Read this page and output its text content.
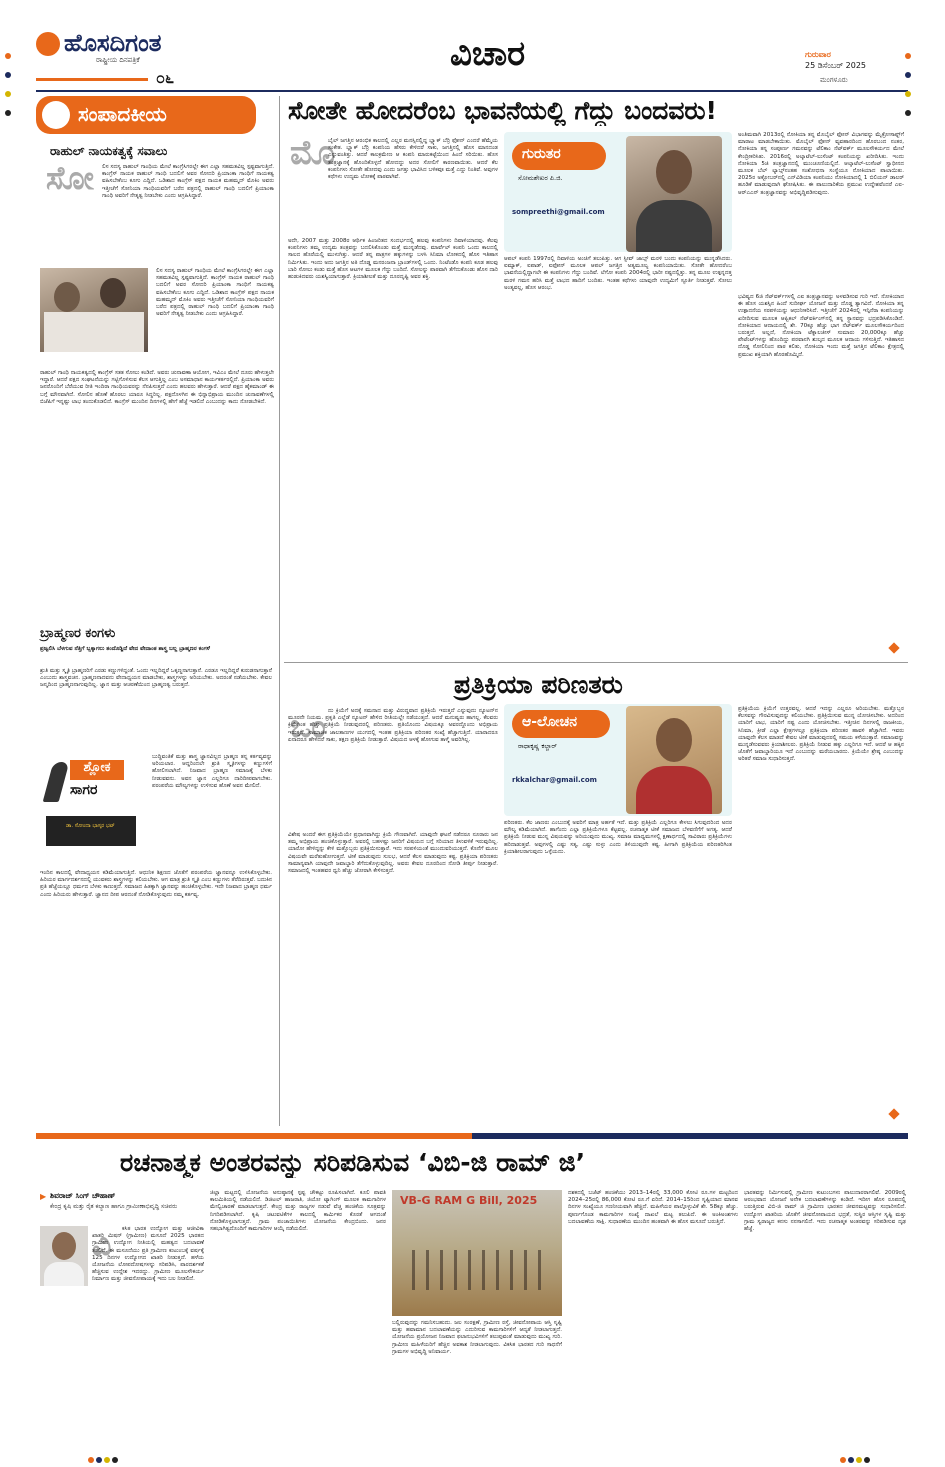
ಹೊಸದಿಗಂತ
ರಾಷ್ಟ್ರೀಯ ದಿನಪತ್ರಿಕೆ
೦೬
ವಿಚಾರ	ಗುರುವಾರ
25 ಡಿಸೆಂಬರ್ 2025
ಮಂಗಳೂರು
ಸಂಪಾದಕೀಯ
ರಾಹುಲ್ ನಾಯಕತ್ವಕ್ಕೆ ಸವಾಲು
ಸೋ ಲಿಸ ಸದಸ್ಯ ರಾಹುಲ್ ಗಾಂಧಿಯ ಮೇಲೆ ಕಾಂಗ್ರೆಸಿಗರಲ್ಲೇ ಈಗ ಎಲ್ಲಾ ಸಹಮತವಿಲ್ಲ ಸ್ಪಷ್ಟವಾಗುತ್ತಿದೆ. ಕಾಂಗ್ರೆಸ್ ನಾಯಕ ರಾಹುಲ್ ಗಾಂಧಿ ಬದಲಿಗೆ ಅವರ ಸೋದರಿ ಪ್ರಿಯಾಂಕಾ ಗಾಂಧಿಗೆ ನಾಯಕತ್ವ ವಹಿಸಬೇಕೆಂಬ ಕೂಗು ಎದ್ದಿದೆ. ಒಡಿಶಾದ ಕಾಂಗ್ರೆಸ್ ಪಕ್ಷದ ನಾಯಕ ಮಹಮ್ಮದ್ ಮೊಕಿಂ ಅವರು ಇತ್ತೀಚೆಗೆ ಸೋನಿಯಾ ಗಾಂಧಿಯವರಿಗೆ ಬರೆದ ಪತ್ರದಲ್ಲಿ ರಾಹುಲ್ ಗಾಂಧಿ ಬದಲಿಗೆ ಪ್ರಿಯಾಂಕಾ ಗಾಂಧಿ ಅವರಿಗೆ ನೇತೃತ್ವ ನೀಡಬೇಕು ಎಂದು ಆಗ್ರಹಿಸಿದ್ದಾರೆ.
ಲಿಸ ಸದಸ್ಯ ರಾಹುಲ್ ಗಾಂಧಿಯ ಮೇಲೆ ಕಾಂಗ್ರೆಸಿಗರಲ್ಲೇ ಈಗ ಎಲ್ಲಾ ಸಹಮತವಿಲ್ಲ ಸ್ಪಷ್ಟವಾಗುತ್ತಿದೆ. ಕಾಂಗ್ರೆಸ್ ನಾಯಕ ರಾಹುಲ್ ಗಾಂಧಿ ಬದಲಿಗೆ ಅವರ ಸೋದರಿ ಪ್ರಿಯಾಂಕಾ ಗಾಂಧಿಗೆ ನಾಯಕತ್ವ ವಹಿಸಬೇಕೆಂಬ ಕೂಗು ಎದ್ದಿದೆ. ಒಡಿಶಾದ ಕಾಂಗ್ರೆಸ್ ಪಕ್ಷದ ನಾಯಕ ಮಹಮ್ಮದ್ ಮೊಕಿಂ ಅವರು ಇತ್ತೀಚೆಗೆ ಸೋನಿಯಾ ಗಾಂಧಿಯವರಿಗೆ ಬರೆದ ಪತ್ರದಲ್ಲಿ ರಾಹುಲ್ ಗಾಂಧಿ ಬದಲಿಗೆ ಪ್ರಿಯಾಂಕಾ ಗಾಂಧಿ ಅವರಿಗೆ ನೇತೃತ್ವ ನೀಡಬೇಕು ಎಂದು ಆಗ್ರಹಿಸಿದ್ದಾರೆ.
ರಾಹುಲ್ ಗಾಂಧಿ ನಾಯಕತ್ವದಲ್ಲಿ ಕಾಂಗ್ರೆಸ್ ಸತತ ಸೋಲು ಕಂಡಿದೆ. ಅವರು ಚುನಾವಣಾ ಆಯೋಗ, ಇವಿಎಂ ಮೇಲೆ ದೂರು ಹೇಳುತ್ತಲೇ ಇದ್ದಾರೆ. ಆದರೆ ಪಕ್ಷದ ಸಂಘಟನೆಯನ್ನು ಗಟ್ಟಿಗೊಳಿಸುವ ಕೆಲಸ ಆಗುತ್ತಿಲ್ಲ ಎಂಬ ಅಸಮಾಧಾನ ಕಾರ್ಯಕರ್ತರಲ್ಲಿದೆ. ಪ್ರಿಯಾಂಕಾ ಅವರು ಜನರೊಂದಿಗೆ ಬೆರೆಯುವ ರೀತಿ ಇಂದಿರಾ ಗಾಂಧಿಯವರನ್ನು ನೆನಪಿಸುತ್ತದೆ ಎಂದು ಹಲವರು ಹೇಳುತ್ತಾರೆ. ಆದರೆ ಪಕ್ಷದ ಹೈಕಮಾಂಡ್ ಈ ಬಗ್ಗೆ ಮೌನವಾಗಿದೆ. ಸೋಲಿನ ಹೊಣೆ ಹೊರಲು ಯಾರೂ ಸಿದ್ಧರಿಲ್ಲ. ಪಕ್ಷದೊಳಗಿನ ಈ ಭಿನ್ನಾಭಿಪ್ರಾಯ ಮುಂದಿನ ಚುನಾವಣೆಗಳಲ್ಲಿ ಬಿಜೆಪಿಗೆ ಇನ್ನಷ್ಟು ಲಾಭ ತಂದುಕೊಡಲಿದೆ. ಕಾಂಗ್ರೆಸ್ ಮುಂದಿನ ದಿನಗಳಲ್ಲಿ ಹೇಗೆ ಹೆಜ್ಜೆ ಇಡಲಿದೆ ಎಂಬುದನ್ನು ಕಾದು ನೋಡಬೇಕಿದೆ.
ಬ್ರಾಹ್ಮಣರ ಕಂಗಳು
ಪ್ರಜ್ವಲಿಸಿ ಬೆಳಗುವ ನೆತ್ತಿಗೆ ಬ್ಬಕ್ಕಾಗಲು ತಂದೊಡ್ಡಿದೆ ವೇದ ವೇದಾಂತ ಶಾಸ್ತ್ರ ಬಲ್ಲ ಬ್ರಾಹ್ಮಣರ ಕಂಗಳೆ
ಶ್ರುತಿ ಮತ್ತು ಸ್ಮೃತಿ ಬ್ರಾಹ್ಮಣರಿಗೆ ಎರಡು ಕಣ್ಣುಗಳಿದ್ದಂತೆ. ಒಂದು ಇಲ್ಲದಿದ್ದರೆ ಒಕ್ಕಣ್ಣನಾಗುತ್ತಾನೆ. ಎರಡೂ ಇಲ್ಲದಿದ್ದರೆ ಕುರುಡನಾಗುತ್ತಾನೆ ಎಂಬುದು ಶಾಸ್ತ್ರವಚನ. ಬ್ರಾಹ್ಮಣನಾದವನು ವೇದಾಧ್ಯಯನ ಮಾಡಬೇಕು, ಶಾಸ್ತ್ರಗಳನ್ನು ಅರಿಯಬೇಕು. ಅದರಂತೆ ನಡೆಯಬೇಕು. ಕೇವಲ ಜನ್ಮದಿಂದ ಬ್ರಾಹ್ಮಣನಾಗುವುದಿಲ್ಲ. ಜ್ಞಾನ ಮತ್ತು ಆಚರಣೆಯಿಂದ ಬ್ರಾಹ್ಮಣತ್ವ ಬರುತ್ತದೆ.
ಶ್ಲೋಕ
ಸಾಗರ
ಡಾ. ಸೋಂದಾ ಭಾಸ್ಕರ ಭಟ್
ಬುದ್ಧಿವಂತಿಕೆ ಮತ್ತು ಶಾಸ್ತ್ರ ಜ್ಞಾನವಿಲ್ಲದ ಬ್ರಾಹ್ಮಣ ತನ್ನ ಕರ್ತವ್ಯವನ್ನು ಅರಿಯಲಾರ. ಆದ್ದರಿಂದಲೇ ಶ್ರುತಿ ಸ್ಮೃತಿಗಳನ್ನು ಕಣ್ಣುಗಳಿಗೆ ಹೋಲಿಸಲಾಗಿದೆ. ನಿಜವಾದ ಬ್ರಾಹ್ಮಣ ಸಮಾಜಕ್ಕೆ ಬೆಳಕು ನೀಡುವವನು. ಅವನ ಜ್ಞಾನ ಎಲ್ಲರಿಗೂ ದಾರಿದೀಪವಾಗಬೇಕು. ಪರಂಪರೆಯ ಮೌಲ್ಯಗಳನ್ನು ಉಳಿಸುವ ಹೊಣೆ ಅವನ ಮೇಲಿದೆ.
ಇಂದಿನ ಕಾಲದಲ್ಲಿ ವೇದಾಧ್ಯಯನ ಕಡಿಮೆಯಾಗುತ್ತಿದೆ. ಆಧುನಿಕ ಶಿಕ್ಷಣದ ಜೊತೆಗೆ ಪರಂಪರೆಯ ಜ್ಞಾನವನ್ನೂ ಉಳಿಸಿಕೊಳ್ಳಬೇಕು. ಹಿರಿಯರ ಮಾರ್ಗದರ್ಶನದಲ್ಲಿ ಯುವಕರು ಶಾಸ್ತ್ರಗಳನ್ನು ಕಲಿಯಬೇಕು. ಆಗ ಮಾತ್ರ ಶ್ರುತಿ ಸ್ಮೃತಿ ಎಂಬ ಕಣ್ಣುಗಳು ತೆರೆದಿರುತ್ತವೆ. ಬದುಕಿನ ಪ್ರತಿ ಹೆಜ್ಜೆಯಲ್ಲೂ ಧರ್ಮದ ಬೆಳಕು ಕಾಣುತ್ತದೆ. ಸಮಾಜದ ಹಿತಕ್ಕಾಗಿ ಜ್ಞಾನವನ್ನು ಹಂಚಿಕೊಳ್ಳಬೇಕು. ಇದೇ ನಿಜವಾದ ಬ್ರಾಹ್ಮಣ ಧರ್ಮ ಎಂದು ಹಿರಿಯರು ಹೇಳುತ್ತಾರೆ. ಜ್ಞಾನದ ದೀಪ ಆರದಂತೆ ನೋಡಿಕೊಳ್ಳುವುದು ನಮ್ಮ ಕರ್ತವ್ಯ.
ಸೋತೇ ಹೋದರೆಂಬ ಭಾವನೆಯಲ್ಲಿ ಗೆದ್ದು ಬಂದವರು!
ಮೊ
ಬೈಲ್ ಜಗತ್ತಿನ ಆರಂಭಿಕ ಕಾಲದಲ್ಲಿ ಎಲ್ಲರ ಮನಸ್ಸಿನಲ್ಲಿದ್ದ ಬ್ಲ್ಯಾಕ್ ಬೆರ್ರಿ ಫೋನ್ ಎಂದರೆ ಹೆಮ್ಮೆಯ ಸಂಕೇತ. ಬ್ಲ್ಯಾಕ್ ಬೆರ್ರಿ ಕಂಪನಿಯ ಹೆಸರು ಕೇಳಿದರೆ ಸಾಕು, ಜಗತ್ತಿನಲ್ಲಿ ಹೊಸ ಮಾನದಂಡ ಎನ್ನುವಂತಿತ್ತು. ಆದರೆ ಕಾಲಕ್ರಮೇಣ ಆ ಕಂಪನಿ ಮಾರುಕಟ್ಟೆಯಿಂದ ಹಿಂದೆ ಸರಿಯಿತು. ಹೊಸ ತಂತ್ರಜ್ಞಾನಕ್ಕೆ ಹೊಂದಿಕೊಳ್ಳದೆ ಹೋದದ್ದು ಅದರ ಸೋಲಿಗೆ ಕಾರಣವಾಯಿತು. ಆದರೆ ಕೆಲ ಕಂಪನಿಗಳು ಸೋತೇ ಹೋದವು ಎಂದು ಜಗತ್ತು ಭಾವಿಸಿದ ಬಳಿಕವೂ ಮತ್ತೆ ಎದ್ದು ನಿಂತಿವೆ. ಅವುಗಳ ಕಥೆಗಳು ಉದ್ಯಮ ಲೋಕಕ್ಕೆ ಪಾಠವಾಗಿವೆ.
ಅದೇ, 2007 ಮತ್ತು 2008ರ ಆರ್ಥಿಕ ಹಿಂಜರಿತದ ಸಂದರ್ಭದಲ್ಲಿ ಹಲವು ಕಂಪನಿಗಳು ದಿವಾಳಿಯಾದವು. ಕೆಲವು ಕಂಪನಿಗಳು ತಮ್ಮ ಉದ್ಯಮ ತಂತ್ರವನ್ನು ಬದಲಿಸಿಕೊಂಡು ಮತ್ತೆ ಮುನ್ನಡೆದವು. ಮಾರ್ವೆಲ್ ಕಂಪನಿ ಒಂದು ಕಾಲದಲ್ಲಿ ಸಾಲದ ಹೊರೆಯಲ್ಲಿ ಮುಳುಗಿತ್ತು. ಆದರೆ ತನ್ನ ಪಾತ್ರಗಳ ಹಕ್ಕುಗಳನ್ನು ಬಳಸಿ ಸಿನಿಮಾ ಲೋಕದಲ್ಲಿ ಹೊಸ ಇತಿಹಾಸ ನಿರ್ಮಿಸಿತು. ಇಂದು ಅದು ಜಗತ್ತಿನ ಅತಿ ದೊಡ್ಡ ಮನರಂಜನಾ ಬ್ರಾಂಡ್‌ಗಳಲ್ಲಿ ಒಂದು. ನಿಂಟೆಂಡೊ ಕಂಪನಿ ಕೂಡ ಹಲವು ಬಾರಿ ಸೋಲು ಕಂಡು ಮತ್ತೆ ಹೊಸ ಆಟಗಳ ಮೂಲಕ ಗೆದ್ದು ಬಂದಿದೆ. ಸೋಲನ್ನು ಪಾಠವಾಗಿ ತೆಗೆದುಕೊಂಡು ಹೊಸ ದಾರಿ ಹುಡುಕಿದವರು ಯಶಸ್ವಿಯಾಗುತ್ತಾರೆ. ಕ್ರಿಯಾಶೀಲತೆ ಮತ್ತು ದೂರದೃಷ್ಟಿ ಅವರ ಶಕ್ತಿ.
ಗುರುತರ
ಸೋಮಶೇಖರ ಪಿ.ಜಿ.
sompreethi@gmail.com
ಆಪಲ್ ಕಂಪನಿ 1997ರಲ್ಲಿ ದಿವಾಳಿಯ ಅಂಚಿಗೆ ತಲುಪಿತ್ತು. ಆಗ ಸ್ಟೀವ್ ಜಾಬ್ಸ್ ಮರಳಿ ಬಂದು ಕಂಪನಿಯನ್ನು ಮುನ್ನಡೆಸಿದರು. ಐಮ್ಯಾಕ್, ಐಪಾಡ್, ಐಫೋನ್ ಮೂಲಕ ಆಪಲ್ ಜಗತ್ತಿನ ಅತ್ಯಮೂಲ್ಯ ಕಂಪನಿಯಾಯಿತು. ಸೋತೇ ಹೋದರೆಂಬ ಭಾವನೆಯಲ್ಲಿದ್ದಾಗಲೇ ಈ ಕಂಪನಿಗಳು ಗೆದ್ದು ಬಂದಿವೆ. ಲೆಗೋ ಕಂಪನಿ 2004ರಲ್ಲಿ ಭಾರೀ ನಷ್ಟದಲ್ಲಿತ್ತು. ತನ್ನ ಮೂಲ ಉತ್ಪನ್ನದತ್ತ ಮರಳಿ ಗಮನ ಹರಿಸಿ ಮತ್ತೆ ಲಾಭದ ಹಾದಿಗೆ ಬಂದಿತು. ಇಂತಹ ಕಥೆಗಳು ಯಾವುದೇ ಉದ್ಯಮಿಗೆ ಸ್ಫೂರ್ತಿ ನೀಡುತ್ತವೆ. ಸೋಲು ಅಂತ್ಯವಲ್ಲ, ಹೊಸ ಆರಂಭ.
ಅಂತಿಮವಾಗಿ 2013ರಲ್ಲಿ ನೋಕಿಯಾ ತನ್ನ ಮೊಬೈಲ್ ಫೋನ್ ವಿಭಾಗವನ್ನು ಮೈಕ್ರೋಸಾಫ್ಟ್‌ಗೆ ಮಾರಾಟ ಮಾಡಬೇಕಾಯಿತು. ಮೊಬೈಲ್ ಫೋನ್ ವ್ಯವಹಾರದಿಂದ ಹೊರಬಂದ ನಂತರ, ನೋಕಿಯಾ ತನ್ನ ಸಂಪೂರ್ಣ ಗಮನವನ್ನು ಟೆಲಿಕಾಂ ನೆಟ್‌ವರ್ಕ್ ಮೂಲಸೌಕರ್ಯದ ಮೇಲೆ ಕೇಂದ್ರೀಕರಿಸಿತು. 2016ರಲ್ಲಿ ಅಲ್ಕಾಟೆಲ್-ಲುಸೆಂಟ್ ಕಂಪನಿಯನ್ನು ಖರೀದಿಸಿತು. ಇಂದು ನೋಕಿಯಾ 5ಜಿ ತಂತ್ರಜ್ಞಾನದಲ್ಲಿ ಮುಂಚೂಣಿಯಲ್ಲಿದೆ. ಆಲ್ಕಾಟೆಲ್-ಲುಸೆಂಟ್ ಸ್ವಾಧೀನದ ಮೂಲಕ ಬೆಲ್ ಲ್ಯಾಬ್ಸ್‌ನಂತಹ ಸಂಶೋಧನಾ ಸಂಸ್ಥೆಯೂ ನೋಕಿಯಾದ ಪಾಲಾಯಿತು. 2025ರ ಅಕ್ಟೋಬರ್‌ನಲ್ಲಿ ಎನ್‌ವಿಡಿಯಾ ಕಂಪನಿಯು ನೋಕಿಯಾದಲ್ಲಿ 1 ಬಿಲಿಯನ್ ಡಾಲರ್ ಹೂಡಿಕೆ ಮಾಡುವುದಾಗಿ ಘೋಷಿಸಿತು. ಈ ಪಾಲುದಾರಿಕೆಯ ಪ್ರಮುಖ ಉದ್ದೇಶವೆಂದರೆ ಎಐ-ಆರ್‌ಎಎನ್ ತಂತ್ರಜ್ಞಾನವನ್ನು ಅಭಿವೃದ್ಧಿಪಡಿಸುವುದು.
ಭವಿಷ್ಯದ 6ಜಿ ನೆಟ್‌ವರ್ಕ್‌ಗಳಲ್ಲಿ ಎಐ ತಂತ್ರಜ್ಞಾನವನ್ನು ಅಳವಡಿಸುವ ಗುರಿ ಇದೆ. ನೋಕಿಯಾದ ಈ ಹೊಸ ಯಶಸ್ಸಿನ ಹಿಂದೆ ಸುದೀರ್ಘ ಯೋಜನೆ ಮತ್ತು ದೊಡ್ಡ ತ್ಯಾಗವಿದೆ. ನೋಕಿಯಾ ತನ್ನ ಉತ್ಪಾದನೆಯ ಸರಪಳಿಯನ್ನು ಆಧುನೀಕರಿಸಿದೆ. ಇತ್ತೀಚೆಗೆ 2024ರಲ್ಲಿ ಇನ್ಫಿನೆರಾ ಕಂಪನಿಯನ್ನು ಖರೀದಿಸುವ ಮೂಲಕ ಆಪ್ಟಿಕಲ್ ನೆಟ್‌ವರ್ಕಿಂಗ್‌ನಲ್ಲಿ ತನ್ನ ಸ್ಥಾನವನ್ನು ಭದ್ರಪಡಿಸಿಕೊಂಡಿದೆ. ನೋಕಿಯಾದ ಆದಾಯದಲ್ಲಿ ಶೇ. 70ಕ್ಕೂ ಹೆಚ್ಚು ಭಾಗ ನೆಟ್‌ವರ್ಕ್ ಮೂಲಸೌಕರ್ಯದಿಂದ ಬರುತ್ತದೆ. ಅಲ್ಲದೆ, ನೋಕಿಯಾ ಟೆಕ್ನಾಲಜೀಸ್ ಸುಮಾರು 20,000ಕ್ಕೂ ಹೆಚ್ಚು ಪೇಟೆಂಟ್‌ಗಳನ್ನು ಹೊಂದಿದ್ದು ಪರವಾನಗಿ ಶುಲ್ಕದ ಮೂಲಕ ಆದಾಯ ಗಳಿಸುತ್ತಿದೆ. ಇತಿಹಾಸದ ದೊಡ್ಡ ಸೋಲಿನಿಂದ ಪಾಠ ಕಲಿತು, ನೋಕಿಯಾ ಇಂದು ಮತ್ತೆ ಜಗತ್ತಿನ ಟೆಲಿಕಾಂ ಕ್ಷೇತ್ರದಲ್ಲಿ ಪ್ರಮುಖ ಶಕ್ತಿಯಾಗಿ ಹೊರಹೊಮ್ಮಿದೆ.
ಪ್ರತಿಕ್ರಿಯಾ ಪರಿಣತರು
ಒಂ ದು ಕ್ರಿಯೆಗೆ ಅದಕ್ಕೆ ಸಮನಾದ ಮತ್ತು ವಿರುದ್ಧವಾದ ಪ್ರತಿಕ್ರಿಯೆ ಇರುತ್ತದೆ ಎನ್ನುವುದು ನ್ಯೂಟನ್‌ನ ಮೂರನೇ ನಿಯಮ. ಪ್ರಕೃತಿ ಎಲ್ಲೆಡೆ ನ್ಯೂಟನ್ ಹೇಳಿದ ರೀತಿಯಲ್ಲೇ ನಡೆಯುತ್ತದೆ. ಆದರೆ ಮನುಷ್ಯರು ಹಾಗಲ್ಲ. ಕೆಲವರು ಕ್ರಿಯೆಗಿಂತ ಹೆಚ್ಚು ಪ್ರತಿಕ್ರಿಯೆ ನೀಡುವುದರಲ್ಲಿ ಪರಿಣತರು. ಪ್ರತಿಯೊಂದು ವಿಷಯಕ್ಕೂ ಅವರದ್ದೊಂದು ಅಭಿಪ್ರಾಯ ಇರುತ್ತದೆ. ಸಾಮಾಜಿಕ ಜಾಲತಾಣಗಳ ಯುಗದಲ್ಲಿ ಇಂತಹ ಪ್ರತಿಕ್ರಿಯಾ ಪರಿಣತರ ಸಂಖ್ಯೆ ಹೆಚ್ಚಾಗುತ್ತಿದೆ. ಯಾರಾದರೂ ಏನಾದರೂ ಹೇಳಿದರೆ ಸಾಕು, ತಕ್ಷಣ ಪ್ರತಿಕ್ರಿಯೆ ನೀಡುತ್ತಾರೆ. ವಿಷಯದ ಆಳಕ್ಕೆ ಹೋಗುವ ತಾಳ್ಮೆ ಅವರಿಗಿಲ್ಲ.
ವಿಶೇಷ ಅಂದರೆ ಈಗ ಪ್ರತಿಕ್ರಿಯೆಯೇ ಪ್ರಧಾನವಾಗಿದ್ದು ಕ್ರಿಯೆ ಗೌಣವಾಗಿದೆ. ಯಾವುದೇ ಘಟನೆ ನಡೆದರೂ ನೂರಾರು ಜನ ತಮ್ಮ ಅಭಿಪ್ರಾಯ ಹಂಚಿಕೊಳ್ಳುತ್ತಾರೆ. ಅವರಲ್ಲಿ ಬಹಳಷ್ಟು ಜನರಿಗೆ ವಿಷಯದ ಬಗ್ಗೆ ಸರಿಯಾದ ತಿಳುವಳಿಕೆ ಇರುವುದಿಲ್ಲ. ಯಾರೋ ಹೇಳಿದ್ದನ್ನು ಕೇಳಿ ಮತ್ತೊಬ್ಬರು ಪ್ರತಿಕ್ರಿಯಿಸುತ್ತಾರೆ. ಇದು ಸರಪಳಿಯಂತೆ ಮುಂದುವರಿಯುತ್ತದೆ. ಕೊನೆಗೆ ಮೂಲ ವಿಷಯವೇ ಮರೆತುಹೋಗುತ್ತದೆ. ಟೀಕೆ ಮಾಡುವುದು ಸುಲಭ, ಆದರೆ ಕೆಲಸ ಮಾಡುವುದು ಕಷ್ಟ. ಪ್ರತಿಕ್ರಿಯಾ ಪರಿಣತರು ಸಾಮಾನ್ಯವಾಗಿ ಯಾವುದೇ ಜವಾಬ್ದಾರಿ ತೆಗೆದುಕೊಳ್ಳುವುದಿಲ್ಲ. ಅವರು ಕೇವಲ ದೂರದಿಂದ ನೋಡಿ ತೀರ್ಪು ನೀಡುತ್ತಾರೆ. ಸಮಾಜದಲ್ಲಿ ಇಂತಹವರ ಧ್ವನಿ ಹೆಚ್ಚು ಜೋರಾಗಿ ಕೇಳಿಸುತ್ತದೆ.
ಆ-ಲೋಚನ
ರಾಧಾಕೃಷ್ಣ ಕಲ್ಚಾರ್
rkkalchar@gmail.com
ಪರಿಣತರು. ಕೆಲ ಜಾಣರು ಎಂಬುದಕ್ಕೆ ಅವರಿಗೆ ಮಾತ್ರ ಅರ್ಹತೆ ಇದೆ. ಮತ್ತು ಪ್ರತಿಕ್ರಿಯೆ ಎಲ್ಲರಿಗೂ ಕೇಳಲು ಸಿಗುವುದರಿಂದ ಅದರ ಮೌಲ್ಯ ಕಡಿಮೆಯಾಗಿದೆ. ಹಾಗೆಂದು ಎಲ್ಲಾ ಪ್ರತಿಕ್ರಿಯೆಗಳೂ ಕೆಟ್ಟವಲ್ಲ. ರಚನಾತ್ಮಕ ಟೀಕೆ ಸಮಾಜದ ಬೆಳವಣಿಗೆಗೆ ಅಗತ್ಯ. ಆದರೆ ಪ್ರತಿಕ್ರಿಯೆ ನೀಡುವ ಮುನ್ನ ವಿಷಯವನ್ನು ಅರಿಯುವುದು ಮುಖ್ಯ. ಸಮಾಜ ಮಾಧ್ಯಮಗಳಲ್ಲಿ ಕ್ಷಣಾರ್ಧದಲ್ಲಿ ಸಾವಿರಾರು ಪ್ರತಿಕ್ರಿಯೆಗಳು ಹರಿದಾಡುತ್ತವೆ. ಅವುಗಳಲ್ಲಿ ಎಷ್ಟು ಸತ್ಯ, ಎಷ್ಟು ಸುಳ್ಳು ಎಂದು ತಿಳಿಯುವುದೇ ಕಷ್ಟ. ಹೀಗಾಗಿ ಪ್ರತಿಕ್ರಿಯೆಯ ಪರಿಣತರಿಗಿಂತ ಕ್ರಿಯಾಶೀಲರಾಗುವುದು ಒಳ್ಳೆಯದು.
ಪ್ರತಿಕ್ರಿಯೆಯ ಕ್ರಿಯೆಗೆ ಉತ್ತರವಲ್ಲ. ಆದರೆ ಇದನ್ನು ಎಲ್ಲರೂ ಅರಿಯಬೇಕು. ಮತ್ತೊಬ್ಬರ ಕೆಲಸವನ್ನು ಗೌರವಿಸುವುದನ್ನು ಕಲಿಯಬೇಕು. ಪ್ರತಿಕ್ರಿಯಿಸುವ ಮುನ್ನ ಯೋಚಿಸಬೇಕು. ಅದರಿಂದ ಯಾರಿಗೆ ಲಾಭ, ಯಾರಿಗೆ ನಷ್ಟ ಎಂದು ಯೋಚಿಸಬೇಕು. ಇತ್ತೀಚಿನ ದಿನಗಳಲ್ಲಿ ರಾಜಕೀಯ, ಸಿನಿಮಾ, ಕ್ರೀಡೆ ಎಲ್ಲಾ ಕ್ಷೇತ್ರಗಳಲ್ಲೂ ಪ್ರತಿಕ್ರಿಯಾ ಪರಿಣತರ ಹಾವಳಿ ಹೆಚ್ಚಾಗಿದೆ. ಇವರು ಯಾವುದೇ ಕೆಲಸ ಮಾಡದೆ ಕೇವಲ ಟೀಕೆ ಮಾಡುವುದರಲ್ಲಿ ಸಮಯ ಕಳೆಯುತ್ತಾರೆ. ಸಮಾಜವನ್ನು ಮುನ್ನಡೆಸುವವರು ಕ್ರಿಯಾಶೀಲರು. ಪ್ರತಿಕ್ರಿಯೆ ನೀಡುವ ಹಕ್ಕು ಎಲ್ಲರಿಗೂ ಇದೆ. ಆದರೆ ಆ ಹಕ್ಕಿನ ಜೊತೆಗೆ ಜವಾಬ್ದಾರಿಯೂ ಇದೆ ಎಂಬುದನ್ನು ಮರೆಯಬಾರದು. ಕ್ರಿಯೆಯೇ ಶ್ರೇಷ್ಠ ಎಂಬುದನ್ನು ಅರಿತರೆ ಸಮಾಜ ಸುಧಾರಿಸುತ್ತದೆ.
ರಚನಾತ್ಮಕ ಅಂತರವನ್ನು ಸರಿಪಡಿಸುವ ‘ವಿಬಿ-ಜಿ ರಾಮ್ ಜಿ’
▶ ಶಿವರಾಜ್ ಸಿಂಗ್ ಚೌಹಾಣ್
ಕೇಂದ್ರ ಕೃಷಿ ಮತ್ತು ರೈತ ಕಲ್ಯಾಣ ಹಾಗೂ ಗ್ರಾಮೀಣಾಭಿವೃದ್ಧಿ ಸಚಿವರು
ವಿ	ಕಸಿತ ಭಾರತ ಉದ್ಯೋಗ ಮತ್ತು ಆಜೀವಿಕಾ ಖಾತರಿ ಮಿಷನ್ (ಗ್ರಾಮೀಣ) ಮಸೂದೆ 2025 ಭಾರತದ ಗ್ರಾಮೀಣ ಉದ್ಯೋಗ ನೀತಿಯಲ್ಲಿ ಮಹತ್ವದ ಬದಲಾವಣೆ ತರಲಿದೆ. ಈ ಮಸೂದೆಯು ಪ್ರತಿ ಗ್ರಾಮೀಣ ಕುಟುಂಬಕ್ಕೆ ವರ್ಷಕ್ಕೆ 125 ದಿನಗಳ ಉದ್ಯೋಗದ ಖಾತರಿ ನೀಡುತ್ತದೆ. ಹಳೆಯ ಯೋಜನೆಯ ಲೋಪದೋಷಗಳನ್ನು ಸರಿಪಡಿಸಿ, ಪಾರದರ್ಶಕತೆ ಹೆಚ್ಚಿಸುವ ಉದ್ದೇಶ ಇದರದ್ದು. ಗ್ರಾಮೀಣ ಮೂಲಸೌಕರ್ಯ ನಿರ್ಮಾಣ ಮತ್ತು ಜೀವನೋಪಾಯಕ್ಕೆ ಇದು ಬಲ ನೀಡಲಿದೆ.
ಜಿಲ್ಲಾ ಮಟ್ಟದಲ್ಲಿ ಯೋಜನೆಯ ಅನುಷ್ಠಾನಕ್ಕೆ ಸ್ಪಷ್ಟ ಚೌಕಟ್ಟು ರೂಪಿಸಲಾಗಿದೆ. ಕೂಲಿ ಪಾವತಿ ಕಾಲಮಿತಿಯಲ್ಲಿ ನಡೆಯಲಿದೆ. ಡಿಜಿಟಲ್ ಹಾಜರಾತಿ, ಜಿಯೋ ಟ್ಯಾಗಿಂಗ್ ಮೂಲಕ ಕಾಮಗಾರಿಗಳ ಮೇಲ್ವಿಚಾರಣೆ ಮಾಡಲಾಗುತ್ತದೆ. ಕೇಂದ್ರ ಮತ್ತು ರಾಜ್ಯಗಳ ನಡುವೆ ವೆಚ್ಚ ಹಂಚಿಕೆಯ ಸೂತ್ರವನ್ನು ನಿಗದಿಪಡಿಸಲಾಗಿದೆ. ಕೃಷಿ ಚಟುವಟಿಕೆಗಳ ಕಾಲದಲ್ಲಿ ಕಾರ್ಮಿಕರ ಕೊರತೆ ಆಗದಂತೆ ನೋಡಿಕೊಳ್ಳಲಾಗುತ್ತದೆ. ಗ್ರಾಮ ಪಂಚಾಯಿತಿಗಳು ಯೋಜನೆಯ ಕೇಂದ್ರಬಿಂದು. ಜನರ ಸಹಭಾಗಿತ್ವದೊಂದಿಗೆ ಕಾಮಗಾರಿಗಳ ಆಯ್ಕೆ ನಡೆಯಲಿದೆ.
VB-G RAM G Bill, 2025
ಬಲ್ಲಿರುವುದನ್ನು ಗಮನಿಸಬಹುದು. ಜಲ ಸಂರಕ್ಷಣೆ, ಗ್ರಾಮೀಣ ರಸ್ತೆ, ಜೀವನೋಪಾಯ ಆಸ್ತಿ ಸೃಷ್ಟಿ ಮತ್ತು ಹವಾಮಾನ ಬದಲಾವಣೆಯನ್ನು ಎದುರಿಸುವ ಕಾಮಗಾರಿಗಳಿಗೆ ಆದ್ಯತೆ ನೀಡಲಾಗುತ್ತದೆ. ಯೋಜನೆಯ ಪ್ರಯೋಜನ ನಿಜವಾದ ಫಲಾನುಭವಿಗಳಿಗೆ ತಲುಪುವಂತೆ ಮಾಡುವುದು ಮುಖ್ಯ ಗುರಿ. ಗ್ರಾಮೀಣ ಮಹಿಳೆಯರಿಗೆ ಹೆಚ್ಚಿನ ಅವಕಾಶ ನೀಡಲಾಗುವುದು. ವಿಕಸಿತ ಭಾರತದ ಗುರಿ ಸಾಧನೆಗೆ ಗ್ರಾಮಗಳ ಅಭಿವೃದ್ಧಿ ಅನಿವಾರ್ಯ.
ದಶಕದಲ್ಲಿ ಬಜೆಟ್ ಹಂಚಿಕೆಯು 2013–14ರಲ್ಲಿ 33,000 ಕೋಟಿ ರೂ.ಗಳ ಮಟ್ಟದಿಂದ 2024–25ರಲ್ಲಿ 86,000 ಕೋಟಿ ರೂ.ಗೆ ಏರಿದೆ. 2014–15ರಿಂದ ಸೃಷ್ಟಿಯಾದ ಮಾನವ ದಿನಗಳ ಸಂಖ್ಯೆಯೂ ಗಣನೀಯವಾಗಿ ಹೆಚ್ಚಿದೆ. ಮಹಿಳೆಯರ ಪಾಲ್ಗೊಳ್ಳುವಿಕೆ ಶೇ. 58ಕ್ಕೂ ಹೆಚ್ಚು. ಪೂರ್ಣಗೊಂಡ ಕಾಮಗಾರಿಗಳ ಸಂಖ್ಯೆ ದಾಖಲೆ ಮಟ್ಟ ತಲುಪಿದೆ. ಈ ಅಂಕಿಅಂಶಗಳು ಬದಲಾವಣೆಯ ಸಾಕ್ಷಿ. ಸುಧಾರಣೆಯ ಮುಂದಿನ ಹಂತವಾಗಿ ಈ ಹೊಸ ಮಸೂದೆ ಬರುತ್ತಿದೆ.
ಭಾರತವನ್ನು ನಿರ್ಮಿಸುವಲ್ಲಿ ಗ್ರಾಮೀಣ ಕುಟುಂಬಗಳು ಪಾಲುದಾರರಾಗಲಿವೆ. 2009ರಲ್ಲಿ ಆರಂಭವಾದ ಯೋಜನೆ ಅನೇಕ ಬದಲಾವಣೆಗಳನ್ನು ಕಂಡಿದೆ. ಇದೀಗ ಹೊಸ ರೂಪದಲ್ಲಿ ಬರುತ್ತಿರುವ ವಿಬಿ-ಜಿ ರಾಮ್ ಜಿ ಗ್ರಾಮೀಣ ಭಾರತದ ಜೀವನಮಟ್ಟವನ್ನು ಸುಧಾರಿಸಲಿದೆ. ಉದ್ಯೋಗ ಖಾತರಿಯ ಜೊತೆಗೆ ಜೀವನೋಪಾಯದ ಭದ್ರತೆ, ಸುಸ್ಥಿರ ಆಸ್ತಿಗಳ ಸೃಷ್ಟಿ ಮತ್ತು ಗ್ರಾಮ ಸ್ವರಾಜ್ಯದ ಕನಸು ನನಸಾಗಲಿದೆ. ಇದು ರಚನಾತ್ಮಕ ಅಂತರವನ್ನು ಸರಿಪಡಿಸುವ ದೃಢ ಹೆಜ್ಜೆ.
